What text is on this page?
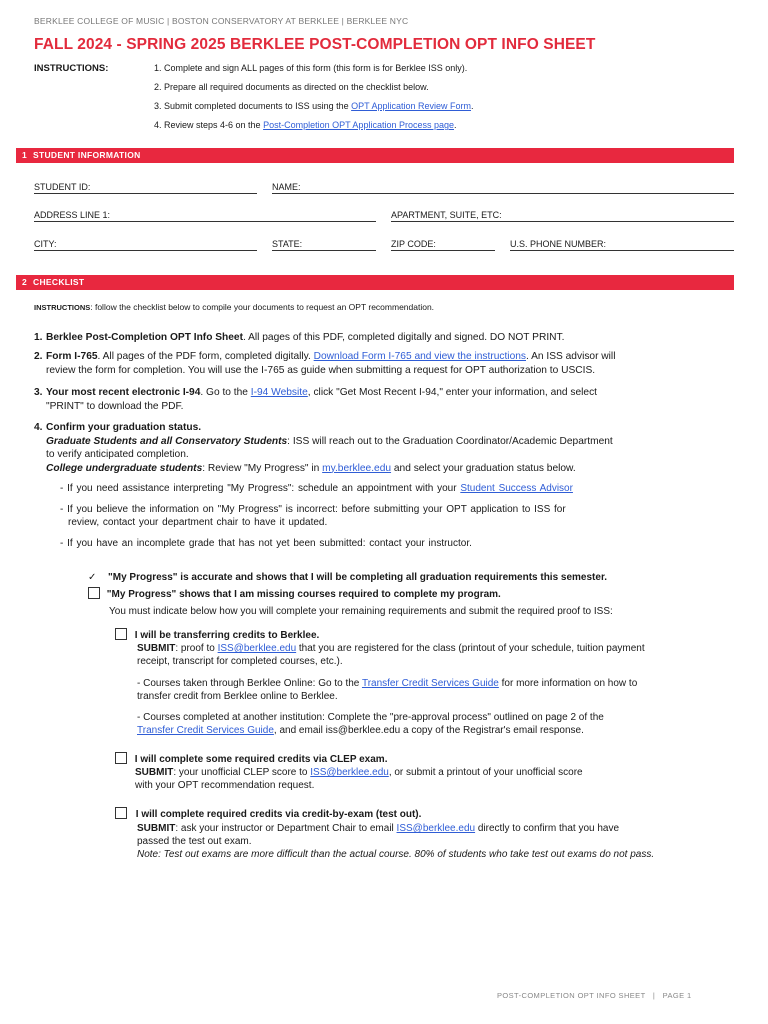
BERKLEE COLLEGE OF MUSIC | BOSTON CONSERVATORY AT BERKLEE | BERKLEE NYC
FALL 2024 - SPRING 2025 BERKLEE POST-COMPLETION OPT INFO SHEET
INSTRUCTIONS:	1. Complete and sign ALL pages of this form (this form is for Berklee ISS only).
2. Prepare all required documents as directed on the checklist below.
3. Submit completed documents to ISS using the OPT Application Review Form.
4. Review steps 4-6 on the Post-Completion OPT Application Process page.
1 STUDENT INFORMATION
STUDENT ID:	NAME:
ADDRESS LINE 1:	APARTMENT, SUITE, ETC:
CITY:	STATE:	ZIP CODE:	U.S. PHONE NUMBER:
2 CHECKLIST
INSTRUCTIONS: follow the checklist below to compile your documents to request an OPT recommendation.
1. Berklee Post-Completion OPT Info Sheet. All pages of this PDF, completed digitally and signed. DO NOT PRINT.
2. Form I-765. All pages of the PDF form, completed digitally. Download Form I-765 and view the instructions. An ISS advisor will
review the form for completion. You will use the I-765 as guide when submitting a request for OPT authorization to USCIS.
3. Your most recent electronic I-94. Go to the I-94 Website, click "Get Most Recent I-94," enter your information, and select
"PRINT" to download the PDF.
4. Confirm your graduation status.
Graduate Students and all Conservatory Students: ISS will reach out to the Graduation Coordinator/Academic Department
to verify anticipated completion.
College undergraduate students: Review "My Progress" in my.berklee.edu and select your graduation status below.
- If you need assistance interpreting "My Progress": schedule an appointment with your Student Success Advisor
- If you believe the information on "My Progress" is incorrect: before submitting your OPT application to ISS for
review, contact your department chair to have it updated.
- If you have an incomplete grade that has not yet been submitted: contact your instructor.
✓ "My Progress" is accurate and shows that I will be completing all graduation requirements this semester.
"My Progress" shows that I am missing courses required to complete my program.
You must indicate below how you will complete your remaining requirements and submit the required proof to ISS:
I will be transferring credits to Berklee.
SUBMIT: proof to ISS@berklee.edu that you are registered for the class (printout of your schedule, tuition payment
receipt, transcript for completed courses, etc.).
- Courses taken through Berklee Online: Go to the Transfer Credit Services Guide for more information on how to
transfer credit from Berklee online to Berklee.
- Courses completed at another institution: Complete the "pre-approval process" outlined on page 2 of the
Transfer Credit Services Guide, and email iss@berklee.edu a copy of the Registrar's email response.
I will complete some required credits via CLEP exam.
SUBMIT: your unofficial CLEP score to ISS@berklee.edu, or submit a printout of your unofficial score
with your OPT recommendation request.
I will complete required credits via credit-by-exam (test out).
SUBMIT: ask your instructor or Department Chair to email ISS@berklee.edu directly to confirm that you have
passed the test out exam.
Note: Test out exams are more difficult than the actual course. 80% of students who take test out exams do not pass.
POST-COMPLETION OPT INFO SHEET   |   PAGE 1
